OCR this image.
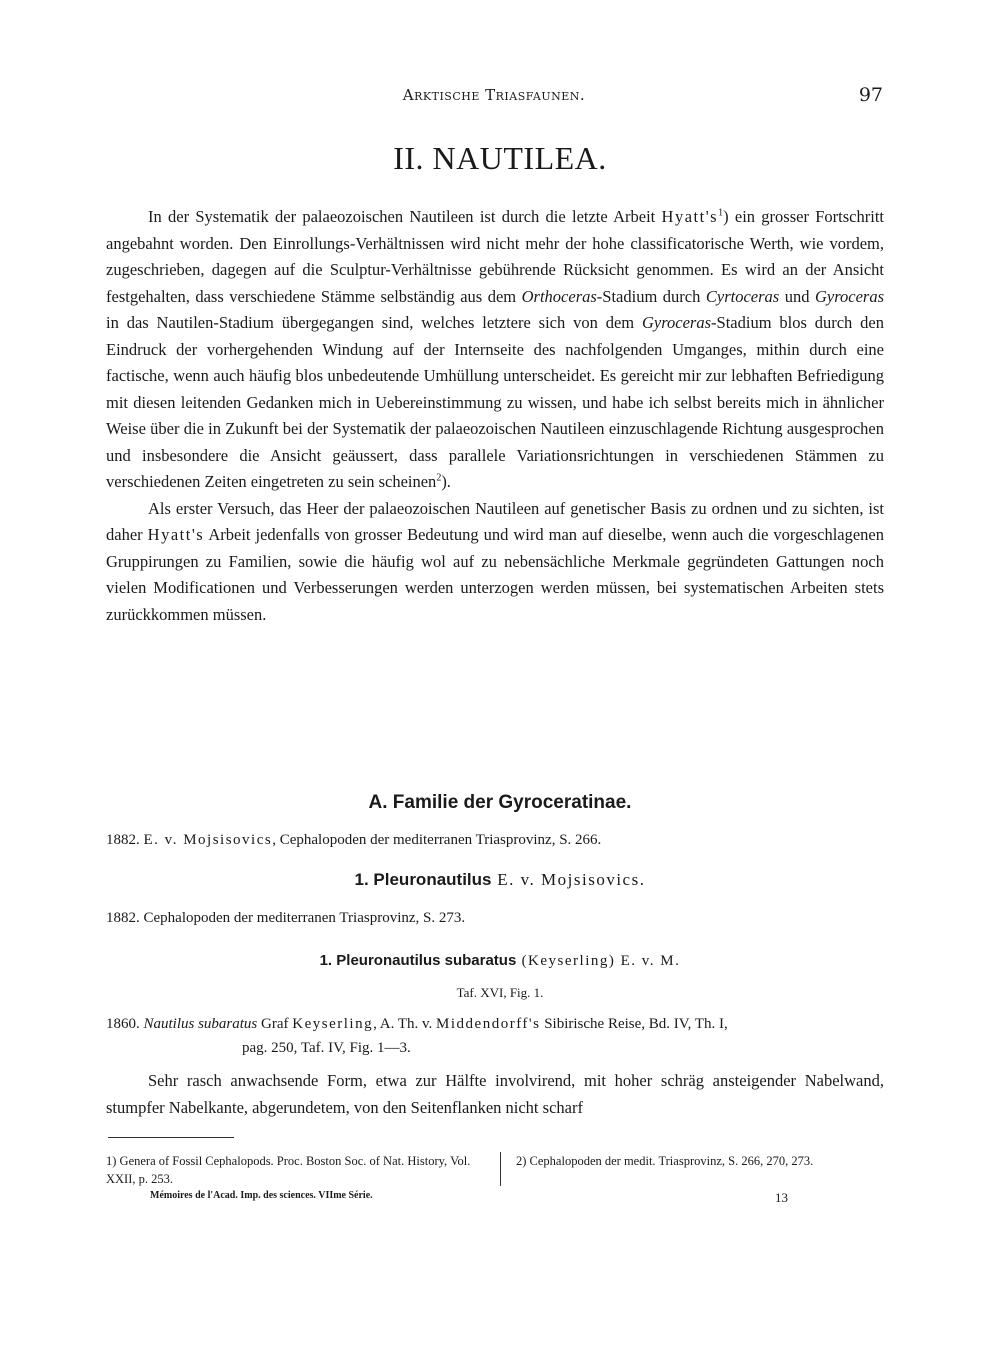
Arktische Triasfaunen.	97
II. NAUTILEA.

In der Systematik der palaeozoischen Nautileen ist durch die letzte Arbeit $Hyatt's^1$) ein grosser Fortschritt angebahnt worden. Den Einrollungs-Verhältnissen wird nicht mehr der hohe classificatorische Werth, wie vordem, zugeschrieben, dagegen auf die Sculptur-Verhältnisse gebührende Rücksicht genommen. Es wird an der Ansicht festgehalten, dass verschiedene Stämme selbständig aus dem Orthoceras-Stadium durch Cyrtoceras und Gyroceras in das Nautilen-Stadium übergegangen sind, welches letztere sich von dem Gyroceras-Stadium blos durch den Eindruck der vorhergehenden Windung auf der Internseite des nachfolgenden Umganges, mithin durch eine factische, wenn auch häufig blos unbedeutende Umhüllung unterscheidet. Es gereicht mir zur lebhaften Befriedigung mit diesen leitenden Gedanken mich in Uebereinstimmung zu wissen, und habe ich selbst bereits mich in ähnlicher Weise über die in Zukunft bei der Systematik der palaeozoischen Nautileen einzuschlagende Richtung ausgesprochen und insbesondere die Ansicht geäussert, dass parallele Variationsrichtungen in verschiedenen Stämmen zu verschiedenen Zeiten eingetreten zu sein scheinen$^2$).

Als erster Versuch, das Heer der palaeozoischen Nautileen auf genetischer Basis zu ordnen und zu sichten, ist daher Hyatt's Arbeit jedenfalls von grosser Bedeutung und wird man auf dieselbe, wenn auch die vorgeschlagenen Gruppirungen zu Familien, sowie die häufig wol auf zu nebensächliche Merkmale gegründeten Gattungen noch vielen Modificationen und Verbesserungen werden unterzogen werden müssen, bei systematischen Arbeiten stets zurückkommen müssen.

A. Familie der Gyroceratinae.
1882. E. v. Mojsisovics, Cephalopoden der mediterranen Triasprovinz, S. 266.
1. Pleuronautilus E. v. Mojsisovics.
1882. Cephalopoden der mediterranen Triasprovinz, S. 273.
1. Pleuronautilus subaratus (Keyserling) E. v. M.
Taf. XVI, Fig. 1.
1860. Nautilus subaratus Graf Keyserling, A. Th. v. Middendorff's Sibirische Reise, Bd. IV, Th. I,
pag. 250, Taf. IV, Fig. 1—3.

Sehr rasch anwachsende Form, etwa zur Hälfte involvirend, mit hoher schräg ansteigender Nabelwand, stumpfer Nabelkante, abgerundetem, von den Seitenflanken nicht scharf

1) Genera of Fossil Cephalopods. Proc. Boston Soc. of Nat. History, Vol. XXII, p. 253.
2) Cephalopoden der medit. Triasprovinz, S. 266, 270, 273.
Mémoires de l'Acad. Imp. des sciences. VIIme Série.	13
